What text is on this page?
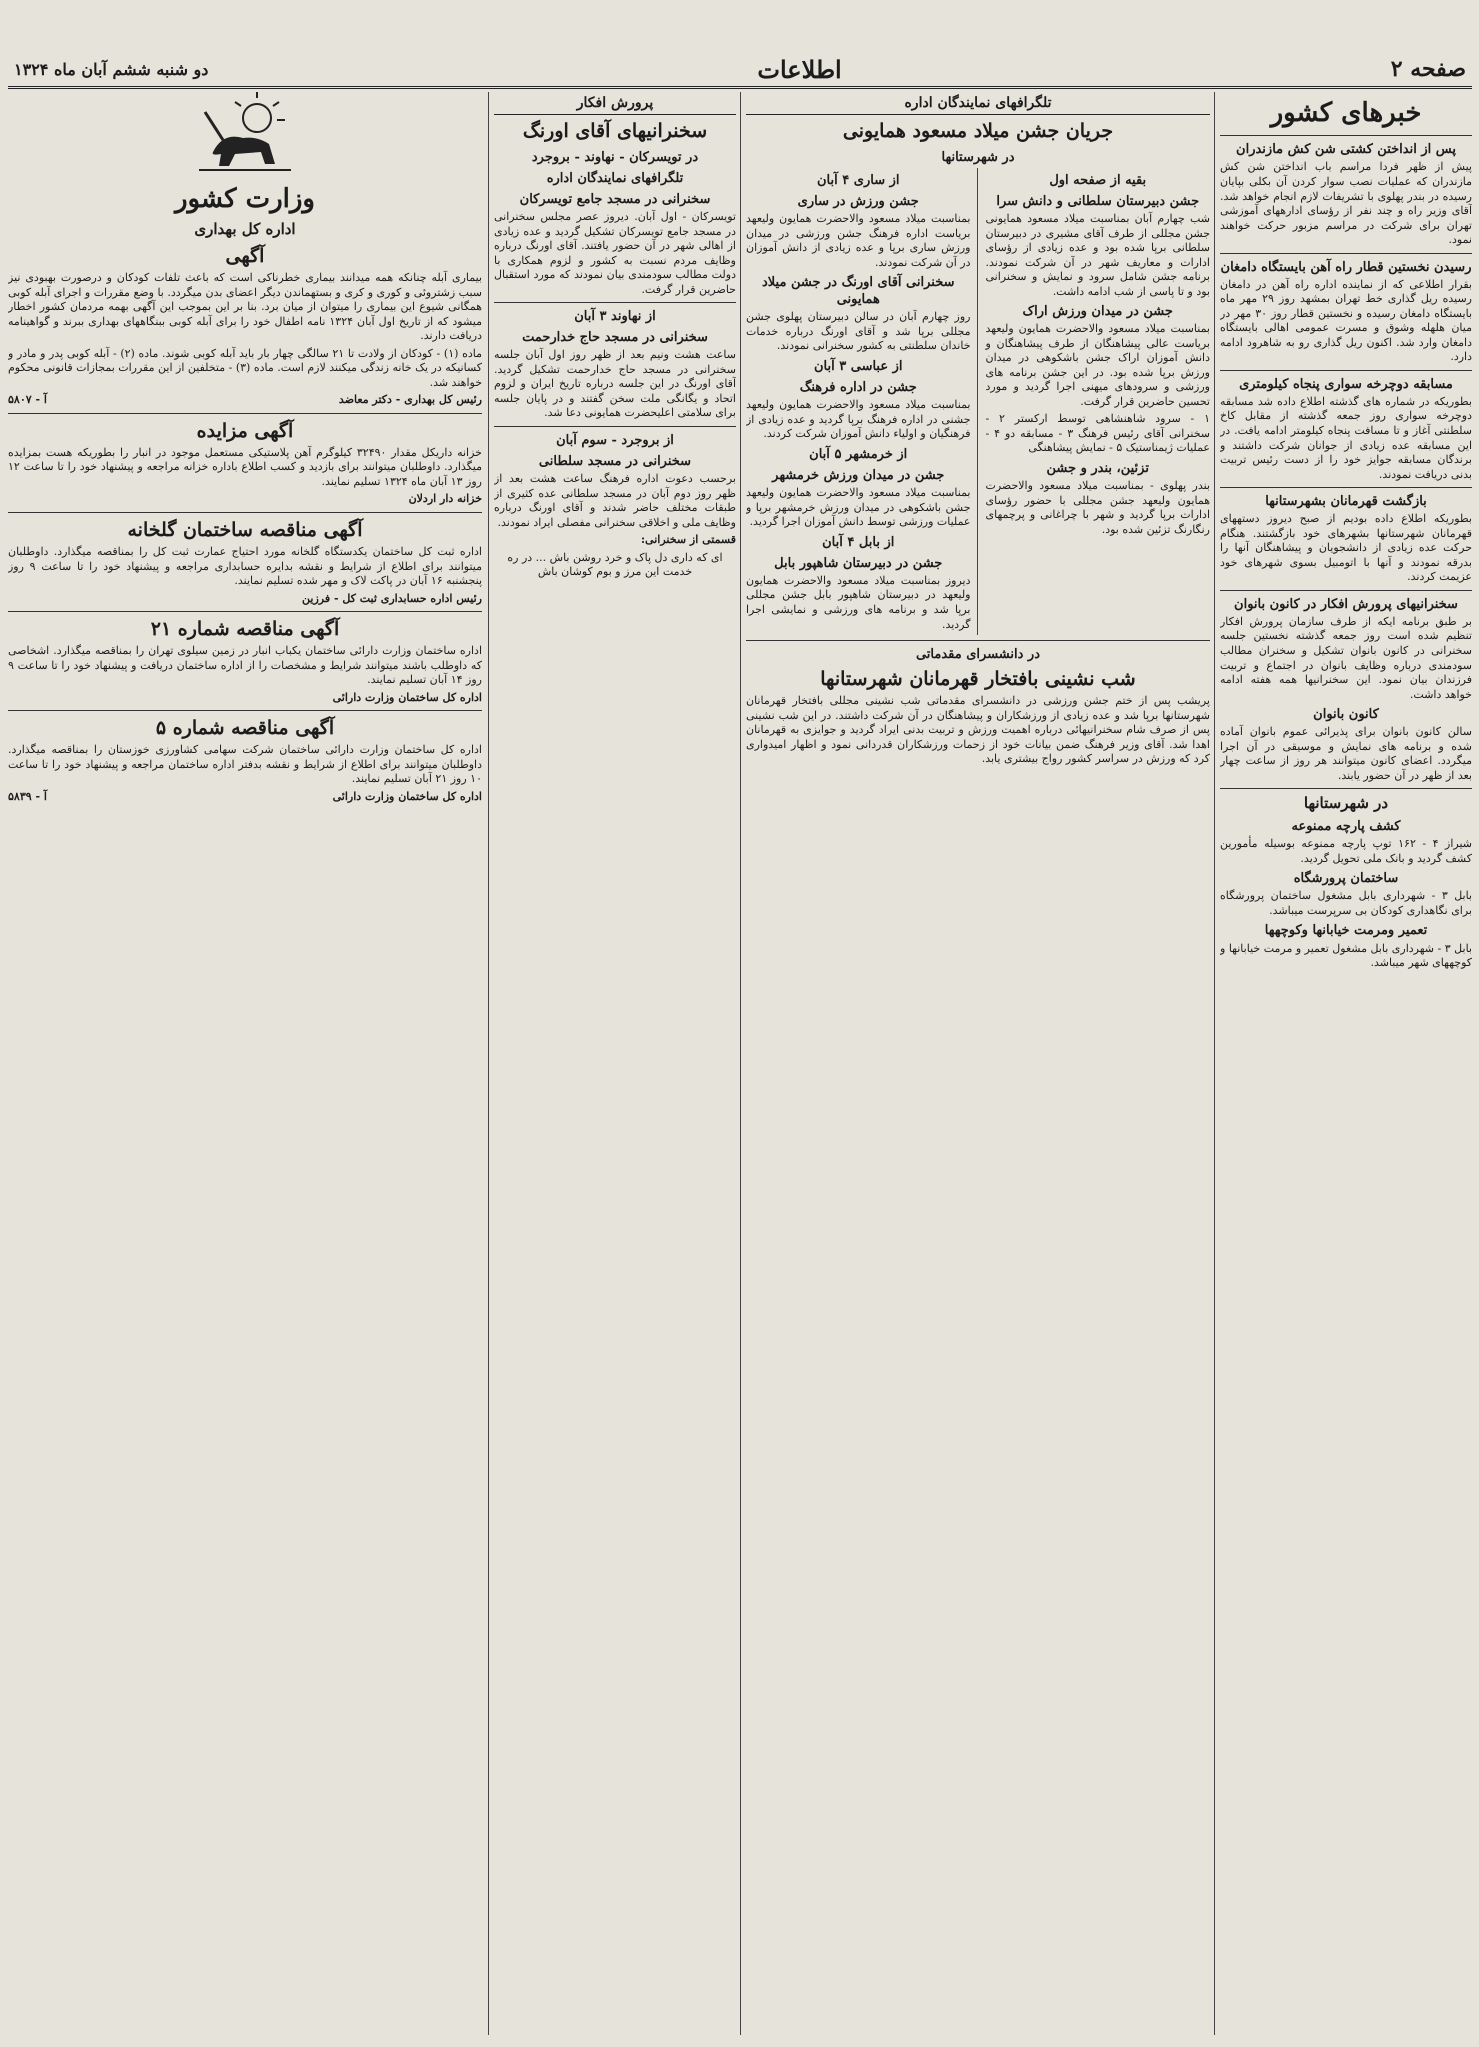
صفحه ۲
اطلاعات
دو شنبه ششم آبان ماه ۱۳۲۴
خبرهای کشور
پس از انداختن کشتی شن کش مازندران

پیش از ظهر فردا مراسم باب انداختن شن کش مازندران که عملیات نصب سوار کردن آن بکلی بپایان رسیده در بندر پهلوی با تشریفات لازم انجام خواهد شد. آقای وزیر راه و چند نفر از رؤسای ادارههای آموزشی تهران برای شرکت در مراسم مزبور حرکت خواهند نمود.

رسیدن نخستین قطار راه آهن بایستگاه دامغان

بقرار اطلاعی که از نماینده اداره راه آهن در دامغان رسیده ریل گذاری خط تهران بمشهد روز ۲۹ مهر ماه بایستگاه دامغان رسیده و نخستین قطار روز ۳۰ مهر در میان هلهله وشوق و مسرت عمومی اهالی بایستگاه دامغان وارد شد. اکنون ریل گذاری رو به شاهرود ادامه دارد.

مسابقه دوچرخه سواری پنجاه کیلومتری

بطوریکه در شماره های گذشته اطلاع داده شد مسابقه دوچرخه سواری روز جمعه گذشته از مقابل کاخ سلطنتی آغاز و تا مسافت پنجاه کیلومتر ادامه یافت. در این مسابقه عده زیادی از جوانان شرکت داشتند و برندگان مسابقه جوایز خود را از دست رئیس تربیت بدنی دریافت نمودند.

بازگشت قهرمانان بشهرستانها

بطوریکه اطلاع داده بودیم از صبح دیروز دستههای قهرمانان شهرستانها بشهرهای خود بازگشتند. هنگام حرکت عده زیادی از دانشجویان و پیشاهنگان آنها را بدرقه نمودند و آنها با اتومبیل بسوی شهرهای خود عزیمت کردند.

سخنرانیهای پرورش افکار در کانون بانوان

بر طبق برنامه ایکه از طرف سازمان پرورش افکار تنظیم شده است روز جمعه گذشته نخستین جلسه سخنرانی در کانون بانوان تشکیل و سخنران مطالب سودمندی درباره وظایف بانوان در اجتماع و تربیت فرزندان بیان نمود. این سخنرانیها همه هفته ادامه خواهد داشت.

کانون بانوان

سالن کانون بانوان برای پذیرائی عموم بانوان آماده شده و برنامه های نمایش و موسیقی در آن اجرا میگردد. اعضای کانون میتوانند هر روز از ساعت چهار بعد از ظهر در آن حضور یابند.

در شهرستانها
کشف پارچه ممنوعه

شیراز ۴ - ۱۶۲ توپ پارچه ممنوعه بوسیله مأمورین کشف گردید و بانک ملی تحویل گردید.

ساختمان پرورشگاه

بابل ۳ - شهرداری بابل مشغول ساختمان پرورشگاه برای نگاهداری کودکان بی سرپرست میباشد.

تعمیر ومرمت خیابانها وکوچهها

بابل ۳ - شهرداری بابل مشغول تعمیر و مرمت خیابانها و کوچههای شهر میباشد.

تلگرافهای نمایندگان اداره
جریان جشن میلاد مسعود همایونی
در شهرستانها
بقیه از صفحه اول
جشن دبیرستان سلطانی و دانش سرا

شب چهارم آبان بمناسبت میلاد مسعود همایونی جشن مجللی از طرف آقای مشیری در دبیرستان سلطانی برپا شده بود و عده زیادی از رؤسای ادارات و معاریف شهر در آن شرکت نمودند. برنامه جشن شامل سرود و نمایش و سخنرانی بود و تا پاسی از شب ادامه داشت.

جشن در میدان ورزش اراک

بمناسبت میلاد مسعود والاحضرت همایون ولیعهد بریاست عالی پیشاهنگان از طرف پیشاهنگان و دانش آموزان اراک جشن باشکوهی در میدان ورزش برپا شده بود. در این جشن برنامه های ورزشی و سرودهای میهنی اجرا گردید و مورد تحسین حاضرین قرار گرفت.

۱ - سرود شاهنشاهی توسط ارکستر ۲ - سخنرانی آقای رئیس فرهنگ ۳ - مسابقه دو ۴ - عملیات ژیمناستیک ۵ - نمایش پیشاهنگی

تزئین، بندر و جشن

بندر پهلوی - بمناسبت میلاد مسعود والاحضرت همایون ولیعهد جشن مجللی با حضور رؤسای ادارات برپا گردید و شهر با چراغانی و پرچمهای رنگارنگ تزئین شده بود.

از ساری ۴ آبان
جشن ورزش در ساری

بمناسبت میلاد مسعود والاحضرت همایون ولیعهد بریاست اداره فرهنگ جشن ورزشی در میدان ورزش ساری برپا و عده زیادی از دانش آموزان در آن شرکت نمودند.

سخنرانی آقای اورنگ در جشن میلاد همایونی

روز چهارم آبان در سالن دبیرستان پهلوی جشن مجللی برپا شد و آقای اورنگ درباره خدمات خاندان سلطنتی به کشور سخنرانی نمودند.

از عباسی ۳ آبان
جشن در اداره فرهنگ

بمناسبت میلاد مسعود والاحضرت همایون ولیعهد جشنی در اداره فرهنگ برپا گردید و عده زیادی از فرهنگیان و اولیاء دانش آموزان شرکت کردند.

از خرمشهر ۵ آبان
جشن در میدان ورزش خرمشهر

بمناسبت میلاد مسعود والاحضرت همایون ولیعهد جشن باشکوهی در میدان ورزش خرمشهر برپا و عملیات ورزشی توسط دانش آموزان اجرا گردید.

از بابل ۴ آبان
جشن در دبیرستان شاهپور بابل

دیروز بمناسبت میلاد مسعود والاحضرت همایون ولیعهد در دبیرستان شاهپور بابل جشن مجللی برپا شد و برنامه های ورزشی و نمایشی اجرا گردید.

در دانشسرای مقدماتی
شب نشینی بافتخار قهرمانان شهرستانها

پریشب پس از ختم جشن ورزشی در دانشسرای مقدماتی شب نشینی مجللی بافتخار قهرمانان شهرستانها برپا شد و عده زیادی از ورزشکاران و پیشاهنگان در آن شرکت داشتند. در این شب نشینی پس از صرف شام سخنرانیهائی درباره اهمیت ورزش و تربیت بدنی ایراد گردید و جوایزی به قهرمانان اهدا شد. آقای وزیر فرهنگ ضمن بیانات خود از زحمات ورزشکاران قدردانی نمود و اظهار امیدواری کرد که ورزش در سراسر کشور رواج بیشتری یابد.

پرورش افکار
سخنرانیهای آقای اورنگ
در تویسرکان - نهاوند - بروجرد
تلگرافهای نمایندگان اداره
سخنرانی در مسجد جامع تویسرکان

تویسرکان - اول آبان. دیروز عصر مجلس سخنرانی در مسجد جامع تویسرکان تشکیل گردید و عده زیادی از اهالی شهر در آن حضور یافتند. آقای اورنگ درباره وظایف مردم نسبت به کشور و لزوم همکاری با دولت مطالب سودمندی بیان نمودند که مورد استقبال حاضرین قرار گرفت.

از نهاوند ۳ آبان
سخنرانی در مسجد حاج خدارحمت

ساعت هشت ونیم بعد از ظهر روز اول آبان جلسه سخنرانی در مسجد حاج خدارحمت تشکیل گردید. آقای اورنگ در این جلسه درباره تاریخ ایران و لزوم اتحاد و یگانگی ملت سخن گفتند و در پایان جلسه برای سلامتی اعلیحضرت همایونی دعا شد.

از بروجرد - سوم آبان
سخنرانی در مسجد سلطانی

برحسب دعوت اداره فرهنگ ساعت هشت بعد از ظهر روز دوم آبان در مسجد سلطانی عده کثیری از طبقات مختلف حاضر شدند و آقای اورنگ درباره وظایف ملی و اخلاقی سخنرانی مفصلی ایراد نمودند.

قسمتی از سخنرانی:

ای که داری دل پاک و خرد روشن باش ... در ره خدمت این مرز و بوم کوشان باش

وزارت کشور
اداره کل بهداری
آگهی

بیماری آبله چنانکه همه میدانند بیماری خطرناکی است که باعث تلفات کودکان و درصورت بهبودی نیز سبب زشتروئی و کوری و کری و بستهماندن دیگر اعضای بدن میگردد. با وضع مقررات و اجرای آبله کوبی همگانی شیوع این بیماری را میتوان از میان برد. بنا بر این بموجب این آگهی بهمه مردمان کشور اخطار میشود که از تاریخ اول آبان ۱۳۲۴ نامه اطفال خود را برای آبله کوبی ببنگاههای بهداری ببرند و گواهینامه دریافت دارند.

ماده (۱) - کودکان از ولادت تا ۲۱ سالگی چهار بار باید آبله کوبی شوند. ماده (۲) - آبله کوبی پدر و مادر و کسانیکه در یک خانه زندگی میکنند لازم است. ماده (۳) - متخلفین از این مقررات بمجازات قانونی محکوم خواهند شد.

رئیس کل بهداری - دکتر معاضد
آ - ۵۸۰۷
آگهی مزایده

خزانه داریکل مقدار ۳۲۴۹۰ کیلوگرم آهن پلاستیکی مستعمل موجود در انبار را بطوریکه هست بمزایده میگذارد. داوطلبان میتوانند برای بازدید و کسب اطلاع باداره خزانه مراجعه و پیشنهاد خود را تا ساعت ۱۲ روز ۱۳ آبان ماه ۱۳۲۴ تسلیم نمایند.

خزانه دار اردلان
آگهی مناقصه ساختمان گلخانه

اداره ثبت کل ساختمان یکدستگاه گلخانه مورد احتیاج عمارت ثبت کل را بمناقصه میگذارد. داوطلبان میتوانند برای اطلاع از شرایط و نقشه بدایره حسابداری مراجعه و پیشنهاد خود را تا ساعت ۹ روز پنجشنبه ۱۶ آبان در پاکت لاک و مهر شده تسلیم نمایند.

رئیس اداره حسابداری ثبت کل - فرزین
آگهی مناقصه شماره ۲۱

اداره ساختمان وزارت دارائی ساختمان یکباب انبار در زمین سیلوی تهران را بمناقصه میگذارد. اشخاصی که داوطلب باشند میتوانند شرایط و مشخصات را از اداره ساختمان دریافت و پیشنهاد خود را تا ساعت ۹ روز ۱۴ آبان تسلیم نمایند.

اداره کل ساختمان وزارت دارائی
آگهی مناقصه شماره ۵

اداره کل ساختمان وزارت دارائی ساختمان شرکت سهامی کشاورزی خوزستان را بمناقصه میگذارد. داوطلبان میتوانند برای اطلاع از شرایط و نقشه بدفتر اداره ساختمان مراجعه و پیشنهاد خود را تا ساعت ۱۰ روز ۲۱ آبان تسلیم نمایند.

اداره کل ساختمان وزارت دارائی
آ - ۵۸۳۹
